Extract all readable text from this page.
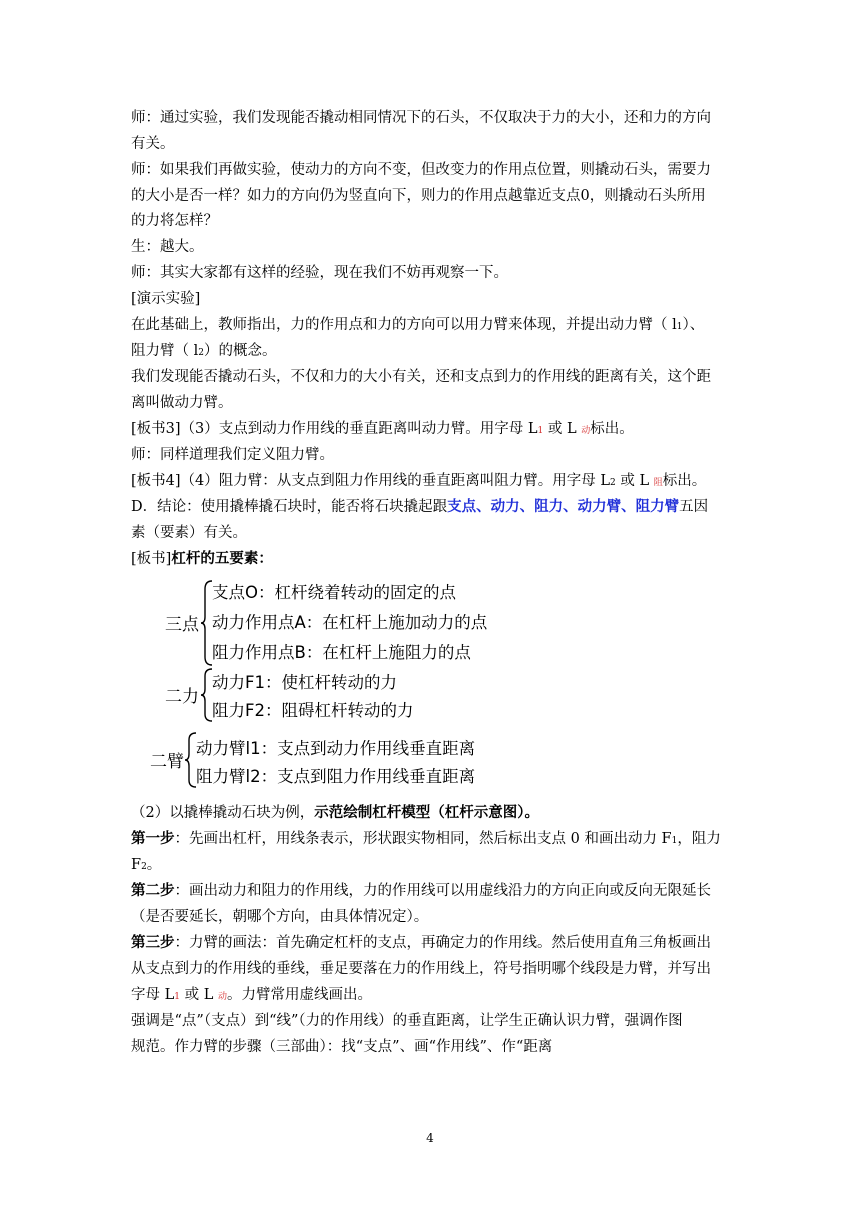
师：通过实验，我们发现能否撬动相同情况下的石头，不仅取决于力的大小，还和力的方向
有关。
师：如果我们再做实验，使动力的方向不变，但改变力的作用点位置，则撬动石头，需要力
的大小是否一样？如力的方向仍为竖直向下，则力的作用点越靠近支点0，则撬动石头所用
的力将怎样？
生：越大。
师：其实大家都有这样的经验，现在我们不妨再观察一下。
[演示实验]
在此基础上，教师指出，力的作用点和力的方向可以用力臂来体现，并提出动力臂（ l1）、
阻力臂（ l2）的概念。
我们发现能否撬动石头，不仅和力的大小有关，还和支点到力的作用线的距离有关，这个距
离叫做动力臂。
[板书3]（3）支点到动力作用线的垂直距离叫动力臂。用字母 L1 或 L 动标出。
师：同样道理我们定义阻力臂。
[板书4]（4）阻力臂：从支点到阻力作用线的垂直距离叫阻力臂。用字母 L2 或 L 阻标出。
D．结论：使用撬棒撬石块时，能否将石块撬起跟支点、动力、阻力、动力臂、阻力臂五因
素（要素）有关。
[板书]杠杆的五要素：
三点
支点O：杠杆绕着转动的固定的点
动力作用点A：在杠杆上施加动力的点
阻力作用点B：在杠杆上施阻力的点
二力
动力F1：使杠杆转动的力
阻力F2：阻碍杠杆转动的力
二臂
动力臂l1：支点到动力作用线垂直距离
阻力臂l2：支点到阻力作用线垂直距离
（2）以撬棒撬动石块为例，示范绘制杠杆模型（杠杆示意图）。
第一步：先画出杠杆，用线条表示，形状跟实物相同，然后标出支点 0 和画出动力 F1，阻力
F2。
第二步：画出动力和阻力的作用线，力的作用线可以用虚线沿力的方向正向或反向无限延长
（是否要延长，朝哪个方向，由具体情况定）。
第三步：力臂的画法：首先确定杠杆的支点，再确定力的作用线。然后使用直角三角板画出
从支点到力的作用线的垂线，垂足要落在力的作用线上，符号指明哪个线段是力臂，并写出
字母 L1 或 L 动。力臂常用虚线画出。
强调是“点”（支点）到“线”（力的作用线）的垂直距离，让学生正确认识力臂，强调作图
规范。作力臂的步骤（三部曲）：找“支点”、画“作用线”、作“距离
4
